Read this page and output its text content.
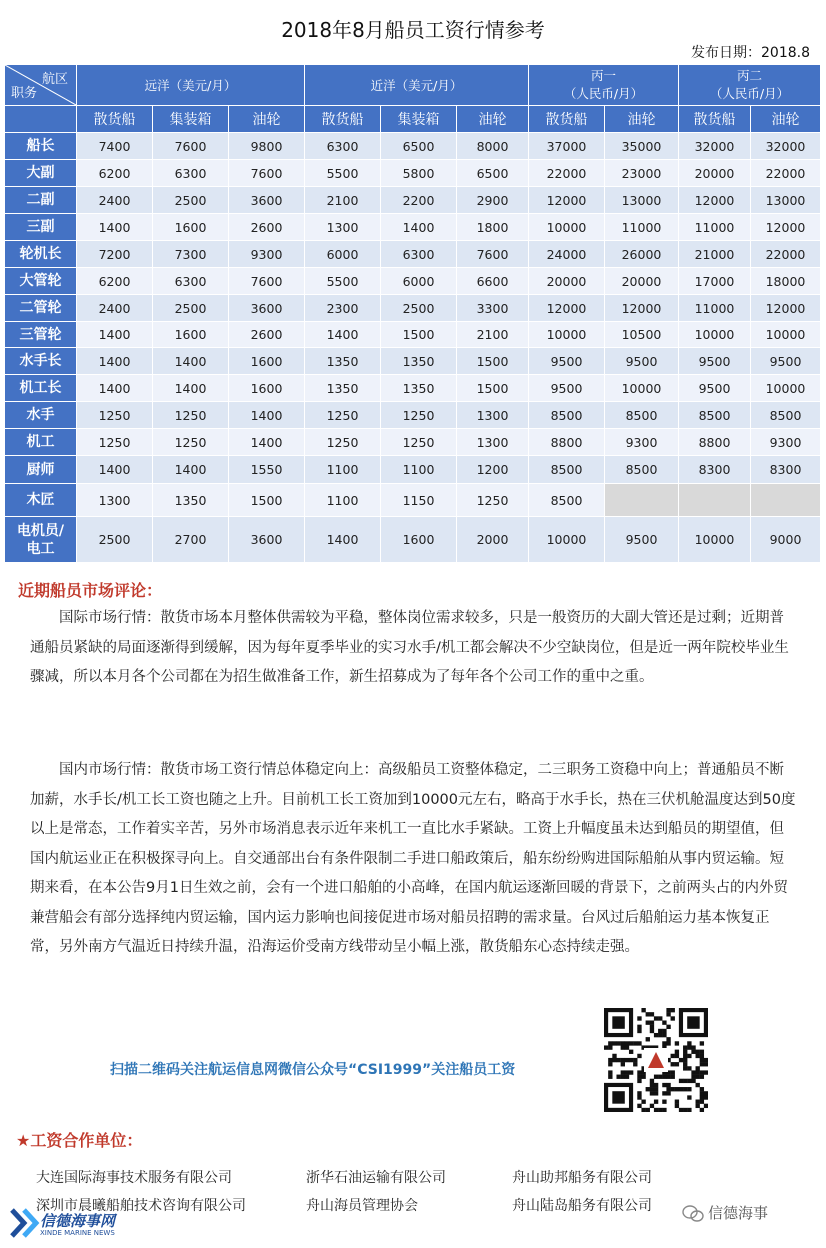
2018年8月船员工资行情参考
发布日期：2018.8
航区
职务	远洋（美元/月）			近洋（美元/月）			丙一
（人民币/月）		丙二
（人民币/月）	
	散货船	集装箱	油轮	散货船	集装箱	油轮	散货船	油轮	散货船	油轮
船长	7400	7600	9800	6300	6500	8000	37000	35000	32000	32000
大副	6200	6300	7600	5500	5800	6500	22000	23000	20000	22000
二副	2400	2500	3600	2100	2200	2900	12000	13000	12000	13000
三副	1400	1600	2600	1300	1400	1800	10000	11000	11000	12000
轮机长	7200	7300	9300	6000	6300	7600	24000	26000	21000	22000
大管轮	6200	6300	7600	5500	6000	6600	20000	20000	17000	18000
二管轮	2400	2500	3600	2300	2500	3300	12000	12000	11000	12000
三管轮	1400	1600	2600	1400	1500	2100	10000	10500	10000	10000
水手长	1400	1400	1600	1350	1350	1500	9500	9500	9500	9500
机工长	1400	1400	1600	1350	1350	1500	9500	10000	9500	10000
水手	1250	1250	1400	1250	1250	1300	8500	8500	8500	8500
机工	1250	1250	1400	1250	1250	1300	8800	9300	8800	9300
厨师	1400	1400	1550	1100	1100	1200	8500	8500	8300	8300
木匠	1300	1350	1500	1100	1150	1250	8500			
电机员/
电工	2500	2700	3600	1400	1600	2000	10000	9500	10000	9000
近期船员市场评论：

国际市场行情：散货市场本月整体供需较为平稳，整体岗位需求较多，只是一般资历的大副大管还是过剩；近期普通船员紧缺的局面逐渐得到缓解，因为每年夏季毕业的实习水手/机工都会解决不少空缺岗位，但是近一两年院校毕业生骤减，所以本月各个公司都在为招生做准备工作，新生招募成为了每年各个公司工作的重中之重。

国内市场行情：散货市场工资行情总体稳定向上：高级船员工资整体稳定，二三职务工资稳中向上；普通船员不断加薪，水手长/机工长工资也随之上升。目前机工长工资加到10000元左右，略高于水手长，热在三伏机舱温度达到50度以上是常态，工作着实辛苦，另外市场消息表示近年来机工一直比水手紧缺。工资上升幅度虽未达到船员的期望值，但国内航运业正在积极探寻向上。自交通部出台有条件限制二手进口船政策后，船东纷纷购进国际船舶从事内贸运输。短期来看，在本公告9月1日生效之前，会有一个进口船舶的小高峰，在国内航运逐渐回暖的背景下，之前两头占的内外贸兼营船会有部分选择纯内贸运输，国内运力影响也间接促进市场对船员招聘的需求量。台风过后船舶运力基本恢复正常，另外南方气温近日持续升温，沿海运价受南方线带动呈小幅上涨，散货船东心态持续走强。

扫描二维码关注航运信息网微信公众号“CSI1999”关注船员工资
★工资合作单位：
大连国际海事技术服务有限公司	浙华石油运输有限公司	舟山助邦船务有限公司
深圳市晨曦船舶技术咨询有限公司	舟山海员管理协会	舟山陆岛船务有限公司
信德海事网
XINDE MARINE NEWS
信德海事
